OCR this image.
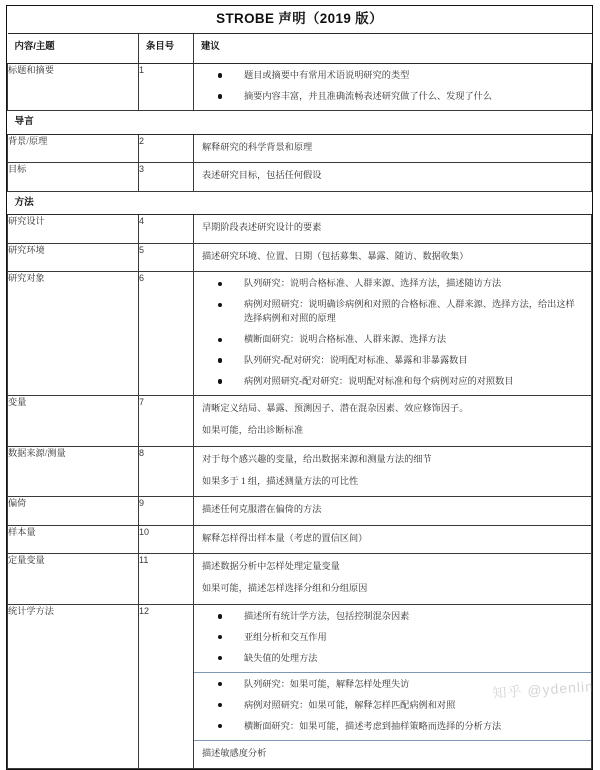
STROBE 声明（2019 版）		
内容/主题	条目号	建议
标题和摘要	1	题目或摘要中有常用术语说明研究的类型
摘要内容丰富，并且准确流畅表述研究做了什么、发现了什么

导言		
背景/原理	2	解释研究的科学背景和原理

目标	3	表述研究目标，包括任何假设

方法		
研究设计	4	早期阶段表述研究设计的要素

研究环境	5	描述研究环境、位置、日期（包括募集、暴露、随访、数据收集）

研究对象	6	队列研究：说明合格标准、人群来源、选择方法，描述随访方法
病例对照研究：说明确诊病例和对照的合格标准、人群来源、选择方法，给出这样选择病例和对照的原理
横断面研究：说明合格标准、人群来源、选择方法
队列研究-配对研究：说明配对标准、暴露和非暴露数目
病例对照研究-配对研究：说明配对标准和每个病例对应的对照数目

变量	7	清晰定义结局、暴露、预测因子、潜在混杂因素、效应修饰因子。
如果可能，给出诊断标准

数据来源/测量	8	对于每个感兴趣的变量，给出数据来源和测量方法的细节
如果多于 1 组，描述测量方法的可比性

偏倚	9	描述任何克服潜在偏倚的方法

样本量	10	解释怎样得出样本量（考虑的置信区间）

定量变量	11	描述数据分析中怎样处理定量变量
如果可能，描述怎样选择分组和分组原因

统计学方法	12	描述所有统计学方法，包括控制混杂因素
亚组分析和交互作用
缺失值的处理方法
队列研究：如果可能，解释怎样处理失访
病例对照研究：如果可能，解释怎样匹配病例和对照
横断面研究：如果可能，描述考虑到抽样策略而选择的分析方法
描述敏感度分析
知乎 @ydenlin
